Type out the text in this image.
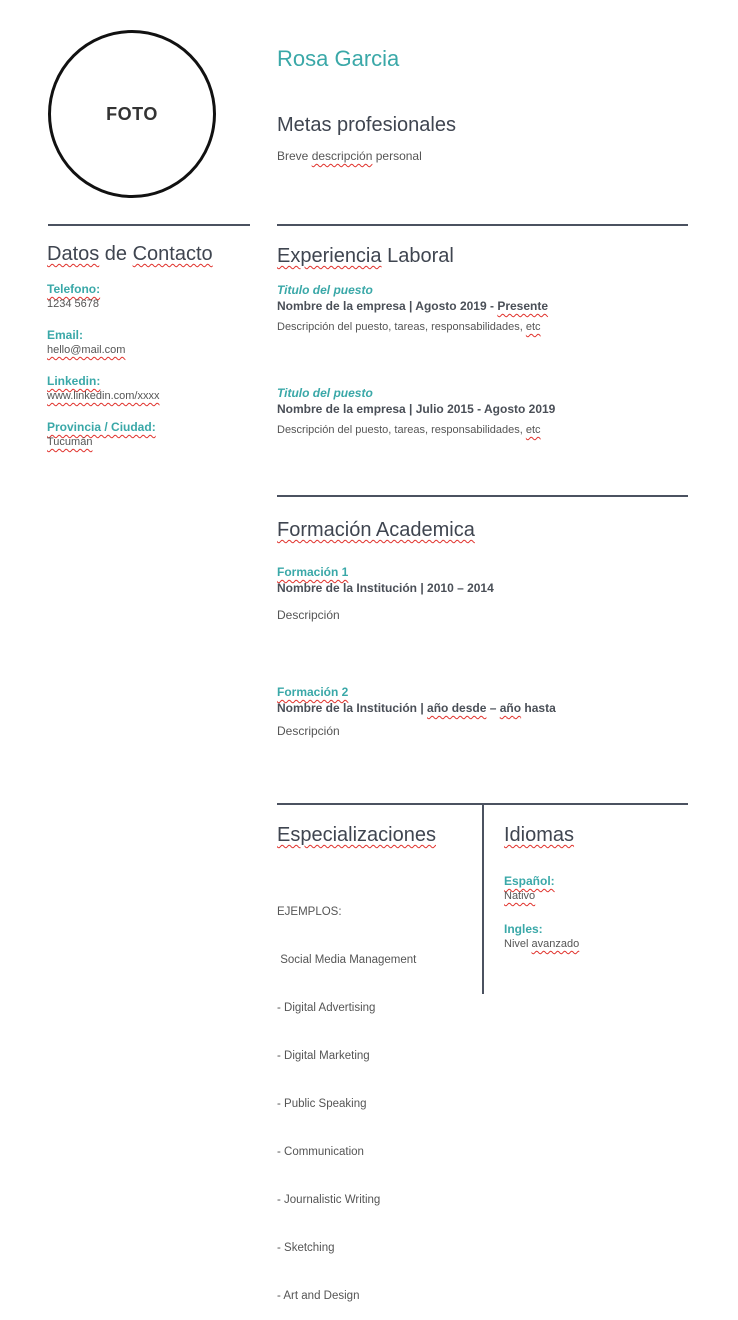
FOTO
Rosa Garcia
Metas profesionales
Breve descripción personal
Datos de Contacto
Telefono:
1234 5678
Email:
hello@mail.com
Linkedin:
www.linkedin.com/xxxx
Provincia / Ciudad:
Tucumán
Experiencia Laboral
Titulo del puesto
Nombre de la empresa | Agosto 2019 - Presente
Descripción del puesto, tareas, responsabilidades, etc
Titulo del puesto
Nombre de la empresa | Julio 2015 - Agosto 2019
Descripción del puesto, tareas, responsabilidades, etc
Formación Academica
Formación 1
Nombre de la Institución | 2010 – 2014
Descripción
Formación 2
Nombre de la Institución | año desde – año hasta
Descripción
Especializaciones

EJEMPLOS:

Social Media Management

- Digital Advertising

- Digital Marketing

- Public Speaking

- Communication

- Journalistic Writing

- Sketching

- Art and Design

Idiomas
Español:
Nativo
Ingles:
Nivel avanzado
